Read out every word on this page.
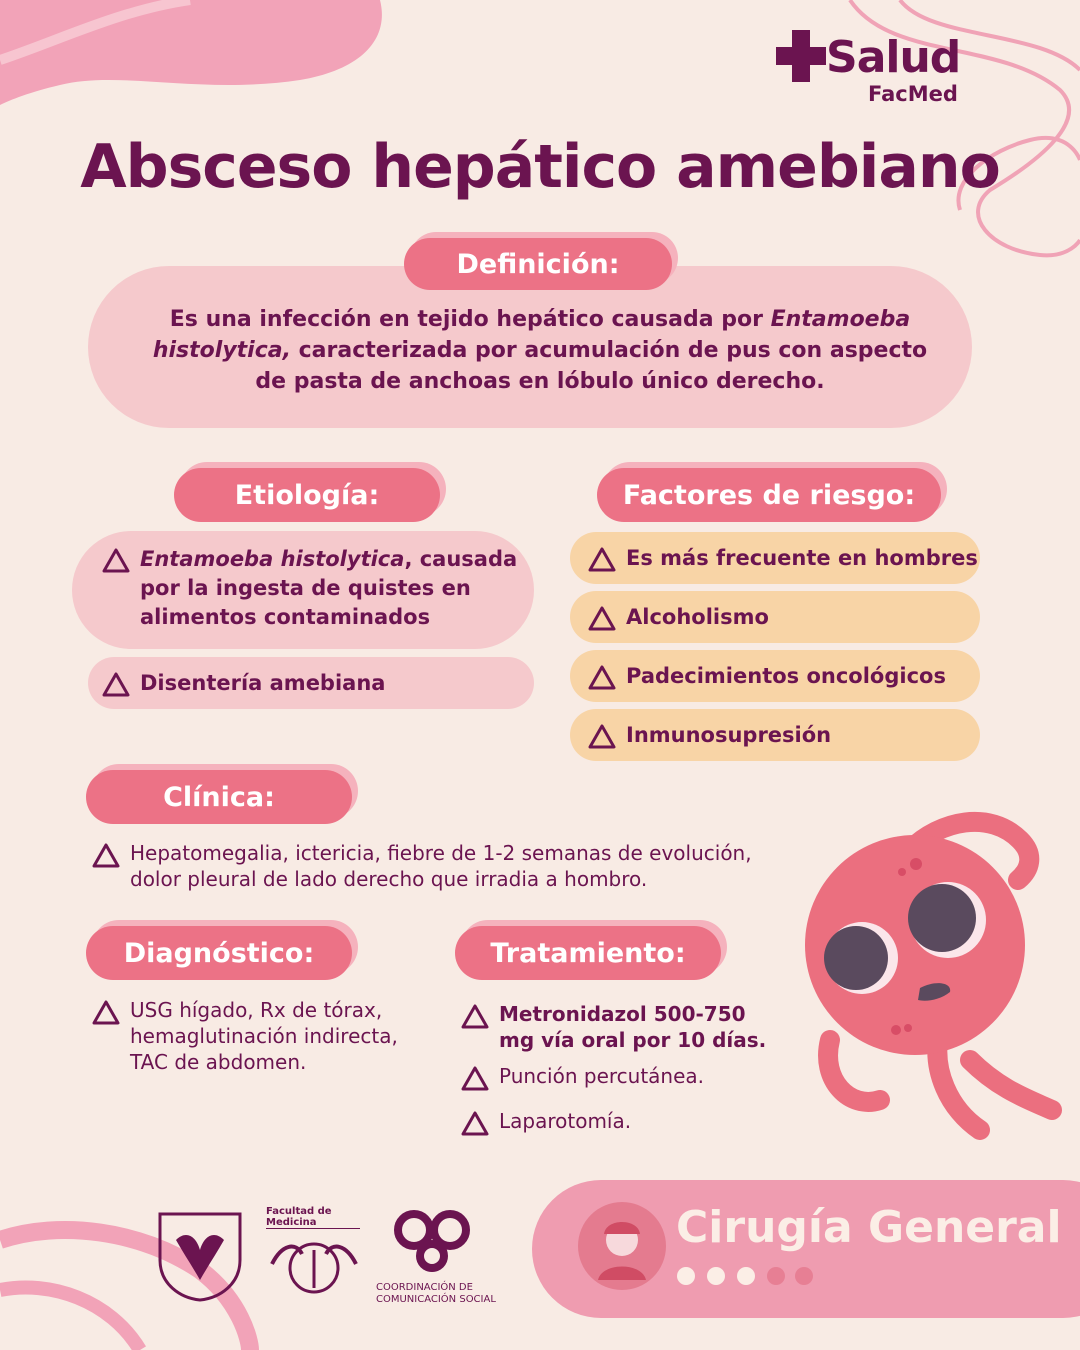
Salud
FacMed
Absceso hepático amebiano
Definición:
Es una infección en tejido hepático causada por Entamoeba histolytica, caracterizada por acumulación de pus con aspecto de pasta de anchoas en lóbulo único derecho.
Etiología:
Entamoeba histolytica, causada por la ingesta de quistes en alimentos contaminados
Disentería amebiana
Factores de riesgo:
Es más frecuente en hombres
Alcoholismo
Padecimientos oncológicos
Inmunosupresión
Clínica:
Hepatomegalia, ictericia, fiebre de 1-2 semanas de evolución, dolor pleural de lado derecho que irradia a hombro.
Diagnóstico:
USG hígado, Rx de tórax, hemaglutinación indirecta, TAC de abdomen.
Tratamiento:
Metronidazol 500-750 mg vía oral por 10 días.
Punción percutánea.
Laparotomía.
Facultad de Medicina
COORDINACIÓN DE
COMUNICACIÓN SOCIAL
Cirugía General
